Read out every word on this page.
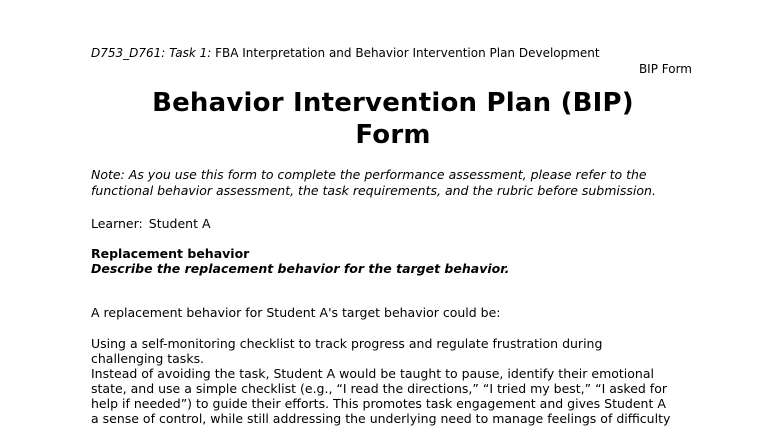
D753_D761: Task 1: FBA Interpretation and Behavior Intervention Plan Development
BIP Form
Behavior Intervention Plan (BIP)
Form
Note: As you use this form to complete the performance assessment, please refer to the
functional behavior assessment, the task requirements, and the rubric before submission.
Learner: Student A
Replacement behavior
Describe the replacement behavior for the target behavior.
A replacement behavior for Student A's target behavior could be:
Using a self-monitoring checklist to track progress and regulate frustration during
challenging tasks.
Instead of avoiding the task, Student A would be taught to pause, identify their emotional
state, and use a simple checklist (e.g., “I read the directions,” “I tried my best,” “I asked for
help if needed”) to guide their efforts. This promotes task engagement and gives Student A
a sense of control, while still addressing the underlying need to manage feelings of difficulty
